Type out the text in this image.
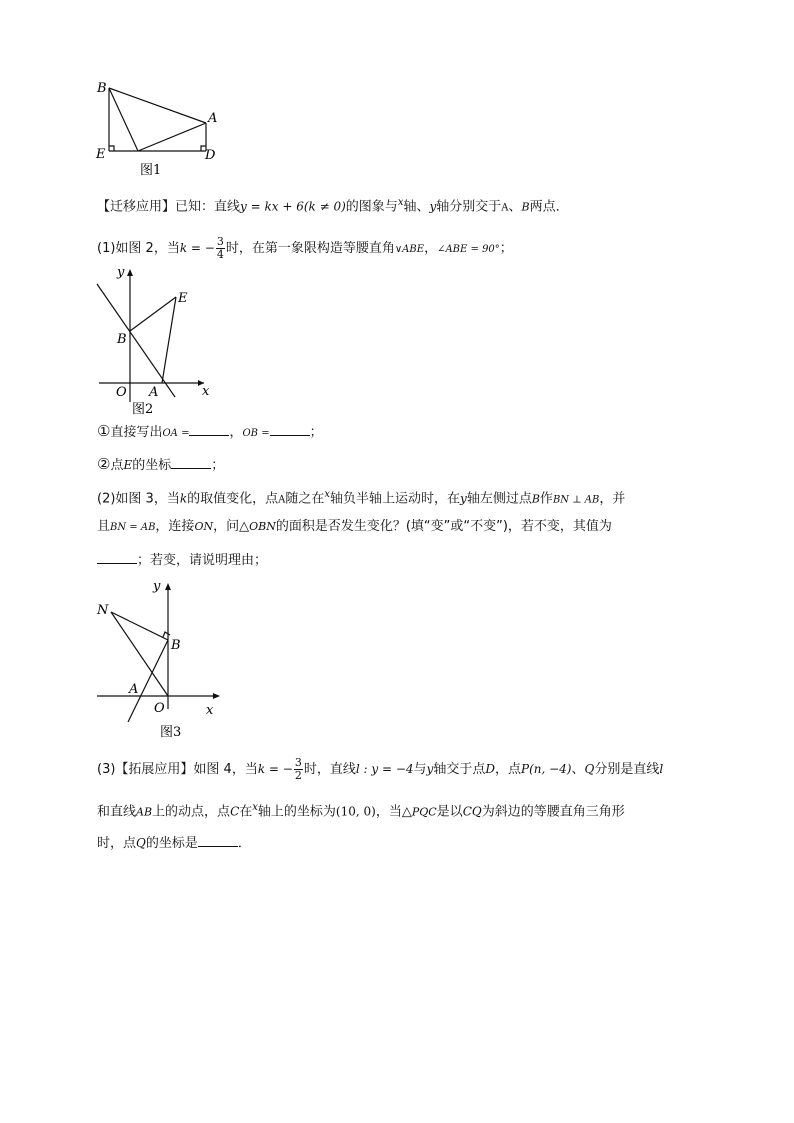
B
A
E	D
图1
【迁移应用】已知：直线y = kx + 6(k ≠ 0)的图象与$^x$轴、y轴分别交于A、B两点．
(1)如图 2，当k = − $\frac{3}{4}$ 时，在第一象限构造等腰直角∨ABE，∠ABE = 90°；
y
E
B
O A	x
图2
①直接写出OA =	，OB =	；
②点E的坐标	；
(2)如图 3，当k的取值变化，点A随之在$^x$轴负半轴上运动时，在y轴左侧过点B作BN ⊥ AB，并
且BN = AB，连接ON，问△OBN的面积是否发生变化？(填“变”或“不变”)，若不变，其值为
；若变，请说明理由；
y
N
B
A
O	x
图3
(3)【拓展应用】如图 4，当k = − $\frac{3}{2}$ 时，直线l : y = −4与y轴交于点D，点P(n, −4)、Q分别是直线l
和直线AB上的动点，点C在$^x$轴上的坐标为(10, 0)，当△PQC是以CQ为斜边的等腰直角三角形
时，点Q的坐标是	．
